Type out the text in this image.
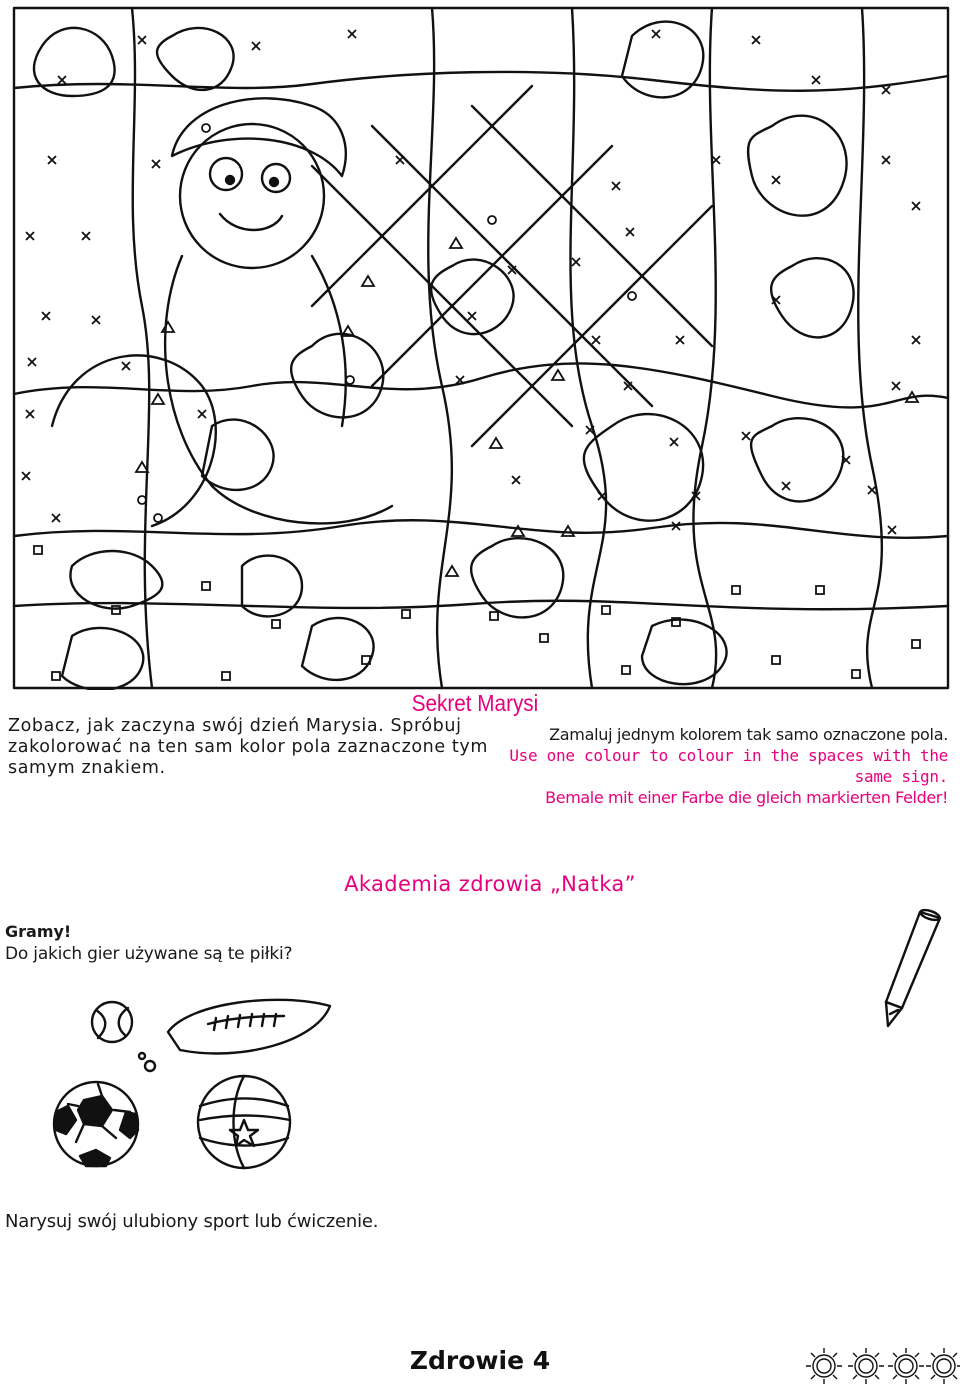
Sekret Marysi
Zobacz, jak zaczyna swój dzień Marysia. Spróbuj zakolorować na ten sam kolor pola zaznaczone tym samym znakiem.
Zamaluj jednym kolorem tak samo oznaczone pola.
Use one colour to colour in the spaces with the same sign.
Bemale mit einer Farbe die gleich markierten Felder!
Akademia zdrowia „Natka”
Gramy!
Do jakich gier używane są te piłki?
Narysuj swój ulubiony sport lub ćwiczenie.
Zdrowie 4
